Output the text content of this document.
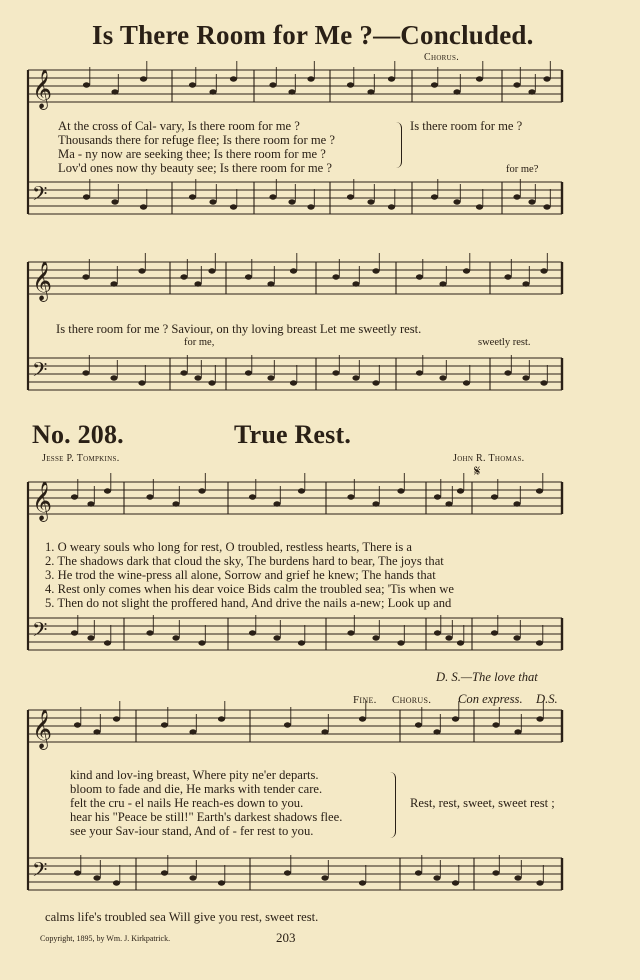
Is There Room for Me ?—Concluded.
Chorus.
𝄞
𝄢
𝄞
𝄢
𝄞
𝄢
𝄞
𝄢
At the cross of Cal- vary, Is there room for me ?
Thousands there for refuge flee; Is there room for me ?
Ma - ny now are seeking thee; Is there room for me ?
Lov'd ones now thy beauty see; Is there room for me ?
Is there room for me ?
for me?
Is there room for me ? Saviour, on thy loving breast Let me sweetly rest.
for me,	sweetly rest.
No. 208.	True Rest.
Jesse P. Tompkins.	John R. Thomas.
𝄋
1. O weary souls who long for rest, O troubled, restless hearts, There is a
2. The shadows dark that cloud the sky, The burdens hard to bear, The joys that
3. He trod the wine-press all alone, Sorrow and grief he knew; The hands that
4. Rest only comes when his dear voice Bids calm the troubled sea; 'Tis when we
5. Then do not slight the proffered hand, And drive the nails a-new; Look up and
D. S.—The love that
Fine. Chorus. Con express. D.S.
kind and lov-ing breast, Where pity ne'er departs.
bloom to fade and die, He marks with tender care.
felt the cru - el nails He reach-es down to you.
hear his "Peace be still!" Earth's darkest shadows flee.
see your Sav-iour stand, And of - fer rest to you.
Rest, rest, sweet, sweet rest ;
calms life's troubled sea Will give you rest, sweet rest.
Copyright, 1895, by Wm. J. Kirkpatrick.	203
